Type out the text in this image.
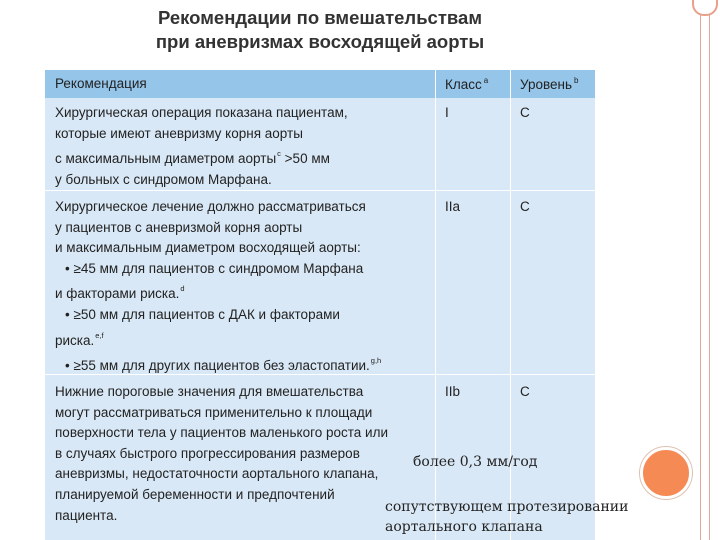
Рекомендации по вмешательствам
при аневризмах восходящей аорты
Рекомендация	Класс $^a$ Уровень $^b$
Хирургическая операция показана пациентам,
которые имеют аневризму корня аорты
с максимальным диаметром аорты$^c$ >50 мм
у больных с синдромом Марфана.
I	C
Хирургическое лечение должно рассматриваться
у пациентов с аневризмой корня аорты
и максимальным диаметром восходящей аорты:
• ≥45 мм для пациентов с синдромом Марфана
и факторами риска.$^d$
• ≥50 мм для пациентов с ДАК и факторами
риска.$^{e,f}$
• ≥55 мм для других пациентов без эластопатии.$^{g,h}$
IIa	C
Нижние пороговые значения для вмешательства
могут рассматриваться применительно к площади
поверхности тела у пациентов маленького роста или
в случаях быстрого прогрессирования размеров
аневризмы, недостаточности аортального клапана,
планируемой беременности и предпочтений
пациента.
IIb	C
более 0,3 мм/год
сопутствующем протезировании
аортального клапана
